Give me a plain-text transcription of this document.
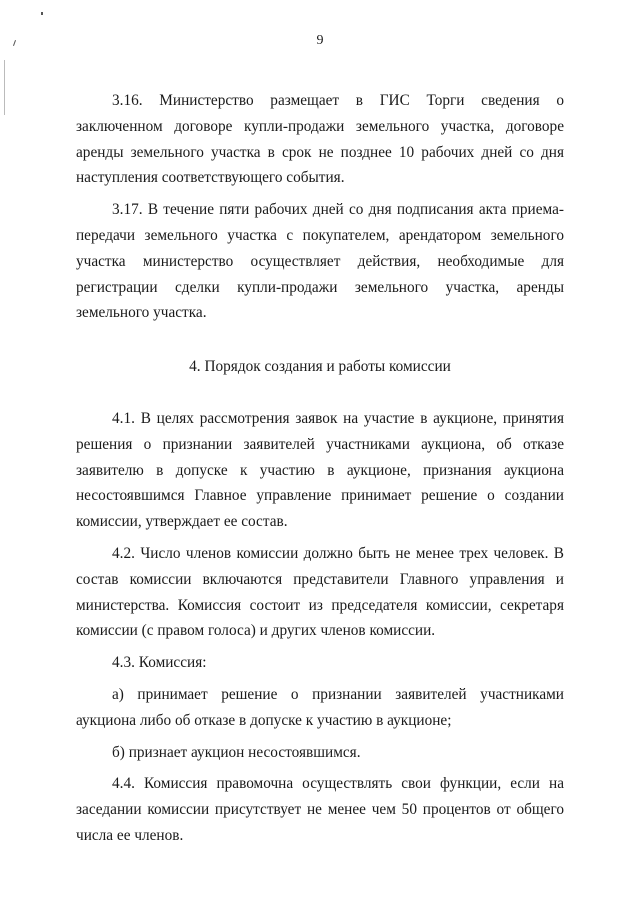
9

3.16. Министерство размещает в ГИС Торги сведения о заключенном договоре купли-продажи земельного участка, договоре аренды земельного участка в срок не позднее 10 рабочих дней со дня наступления соответствующего события.

3.17. В течение пяти рабочих дней со дня подписания акта приема-передачи земельного участка с покупателем, арендатором земельного участка министерство осуществляет действия, необходимые для регистрации сделки купли-продажи земельного участка, аренды земельного участка.

4. Порядок создания и работы комиссии

4.1. В целях рассмотрения заявок на участие в аукционе, принятия решения о признании заявителей участниками аукциона, об отказе заявителю в допуске к участию в аукционе, признания аукциона несостоявшимся Главное управление принимает решение о создании комиссии, утверждает ее состав.

4.2. Число членов комиссии должно быть не менее трех человек. В состав комиссии включаются представители Главного управления и министерства. Комиссия состоит из председателя комиссии, секретаря комиссии (с правом голоса) и других членов комиссии.

4.3. Комиссия:

а) принимает решение о признании заявителей участниками аукциона либо об отказе в допуске к участию в аукционе;

б) признает аукцион несостоявшимся.

4.4. Комиссия правомочна осуществлять свои функции, если на заседании комиссии присутствует не менее чем 50 процентов от общего числа ее членов.
